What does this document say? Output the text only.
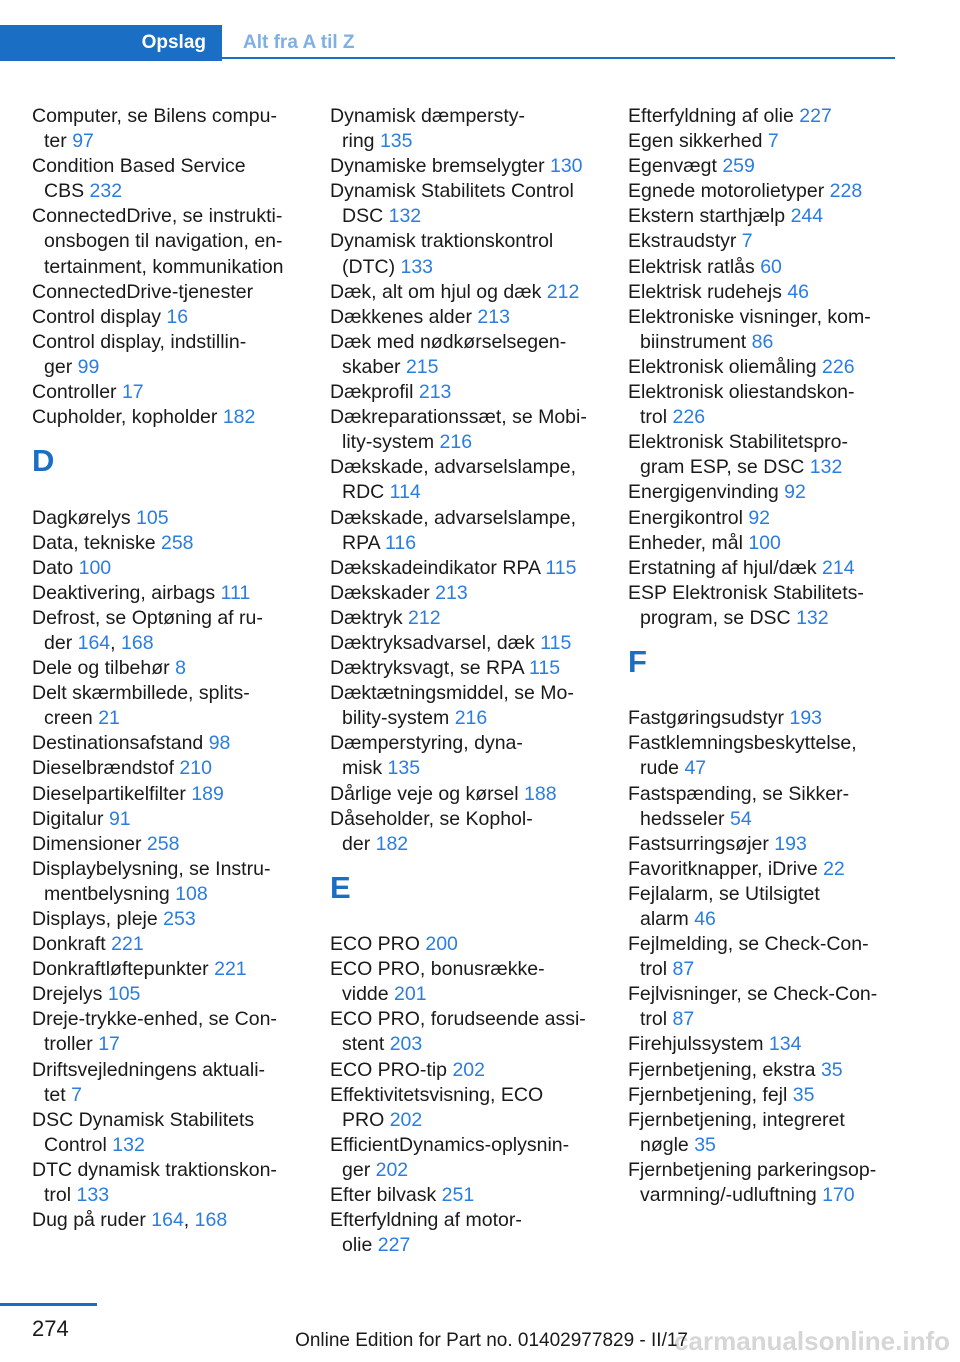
Opslag	Alt fra A til Z
Computer, se Bilens compu-
ter 97
Condition Based Service
CBS 232
ConnectedDrive, se instrukti-
onsbogen til navigation, en-
tertainment, kommunikation
ConnectedDrive-tjenester
Control display 16
Control display, indstillin-
ger 99
Controller 17
Cupholder, kopholder 182
D
Dagkørelys 105
Data, tekniske 258
Dato 100
Deaktivering, airbags 111
Defrost, se Optøning af ru-
der 164, 168
Dele og tilbehør 8
Delt skærmbillede, splits-
creen 21
Destinationsafstand 98
Dieselbrændstof 210
Dieselpartikelfilter 189
Digitalur 91
Dimensioner 258
Displaybelysning, se Instru-
mentbelysning 108
Displays, pleje 253
Donkraft 221
Donkraftløftepunkter 221
Drejelys 105
Dreje-trykke-enhed, se Con-
troller 17
Driftsvejledningens aktuali-
tet 7
DSC Dynamisk Stabilitets
Control 132
DTC dynamisk traktionskon-
trol 133
Dug på ruder 164, 168
Dynamisk dæmpersty-
ring 135
Dynamiske bremselygter 130
Dynamisk Stabilitets Control
DSC 132
Dynamisk traktionskontrol
(DTC) 133
Dæk, alt om hjul og dæk 212
Dækkenes alder 213
Dæk med nødkørselsegen-
skaber 215
Dækprofil 213
Dækreparationssæt, se Mobi-
lity-system 216
Dækskade, advarselslampe,
RDC 114
Dækskade, advarselslampe,
RPA 116
Dækskadeindikator RPA 115
Dækskader 213
Dæktryk 212
Dæktryksadvarsel, dæk 115
Dæktryksvagt, se RPA 115
Dæktætningsmiddel, se Mo-
bility-system 216
Dæmperstyring, dyna-
misk 135
Dårlige veje og kørsel 188
Dåseholder, se Kophol-
der 182
E
ECO PRO 200
ECO PRO, bonusrække-
vidde 201
ECO PRO, forudseende assi-
stent 203
ECO PRO-tip 202
Effektivitetsvisning, ECO
PRO 202
EfficientDynamics-oplysnin-
ger 202
Efter bilvask 251
Efterfyldning af motor-
olie 227
Efterfyldning af olie 227
Egen sikkerhed 7
Egenvægt 259
Egnede motorolietyper 228
Ekstern starthjælp 244
Ekstraudstyr 7
Elektrisk ratlås 60
Elektrisk rudehejs 46
Elektroniske visninger, kom-
biinstrument 86
Elektronisk oliemåling 226
Elektronisk oliestandskon-
trol 226
Elektronisk Stabilitetspro-
gram ESP, se DSC 132
Energigenvinding 92
Energikontrol 92
Enheder, mål 100
Erstatning af hjul/dæk 214
ESP Elektronisk Stabilitets-
program, se DSC 132
F
Fastgøringsudstyr 193
Fastklemningsbeskyttelse,
rude 47
Fastspænding, se Sikker-
hedsseler 54
Fastsurringsøjer 193
Favoritknapper, iDrive 22
Fejlalarm, se Utilsigtet
alarm 46
Fejlmelding, se Check-Con-
trol 87
Fejlvisninger, se Check-Con-
trol 87
Firehjulssystem 134
Fjernbetjening, ekstra 35
Fjernbetjening, fejl 35
Fjernbetjening, integreret
nøgle 35
Fjernbetjening parkeringsop-
varmning/-udluftning 170
274	carmanualsonline.info
Online Edition for Part no. 01402977829 - II/17
